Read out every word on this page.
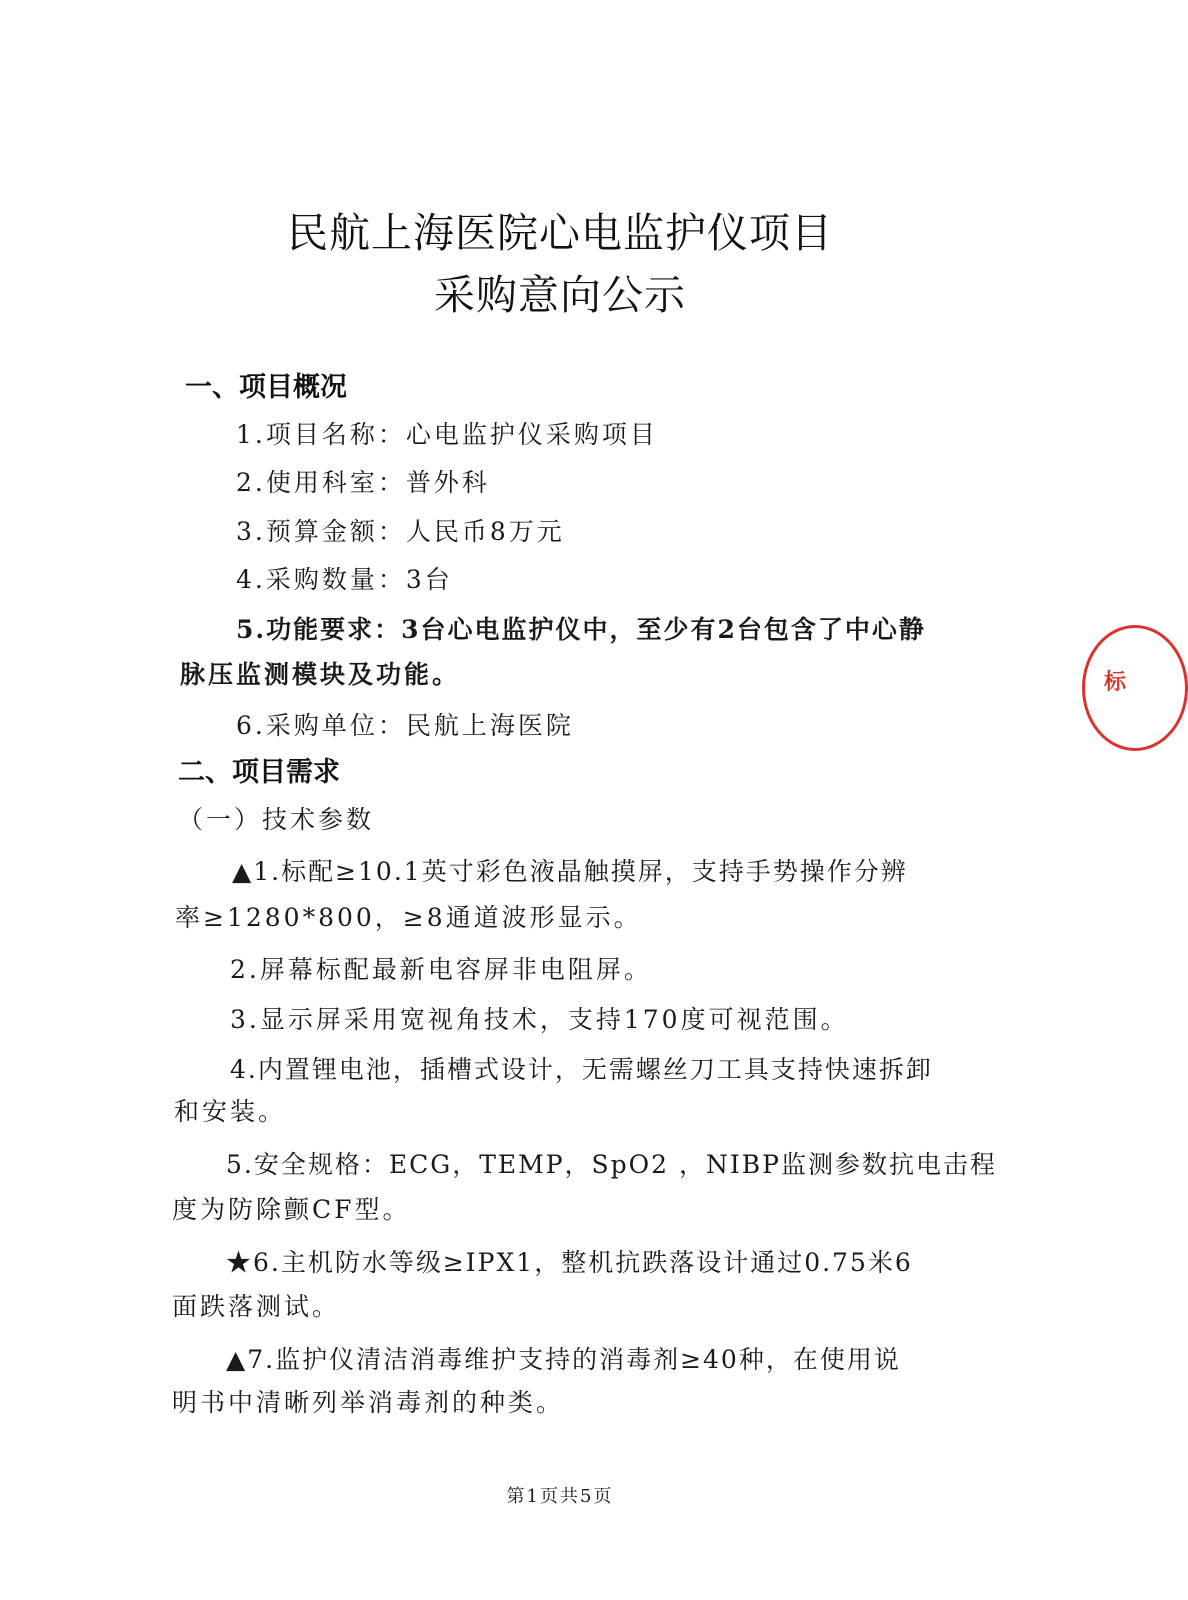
民航上海医院心电监护仪项目
采购意向公示
一、项目概况
1.项目名称：心电监护仪采购项目
2.使用科室：普外科
3.预算金额：人民币8万元
4.采购数量：3台
5.功能要求：3台心电监护仪中，至少有2台包含了中心静
脉压监测模块及功能。
6.采购单位：民航上海医院
二、项目需求
（一）技术参数
▲1.标配≥10.1英寸彩色液晶触摸屏，支持手势操作分辨
率≥1280*800，≥8通道波形显示。
2.屏幕标配最新电容屏非电阻屏。
3.显示屏采用宽视角技术，支持170度可视范围。
4.内置锂电池，插槽式设计，无需螺丝刀工具支持快速拆卸
和安装。
5.安全规格：ECG，TEMP，SpO2 ，NIBP监测参数抗电击程
度为防除颤CF型。
★6.主机防水等级≥IPX1，整机抗跌落设计通过0.75米6
面跌落测试。
▲7.监护仪清洁消毒维护支持的消毒剂≥40种，在使用说
明书中清晰列举消毒剂的种类。
第1页共5页
标
